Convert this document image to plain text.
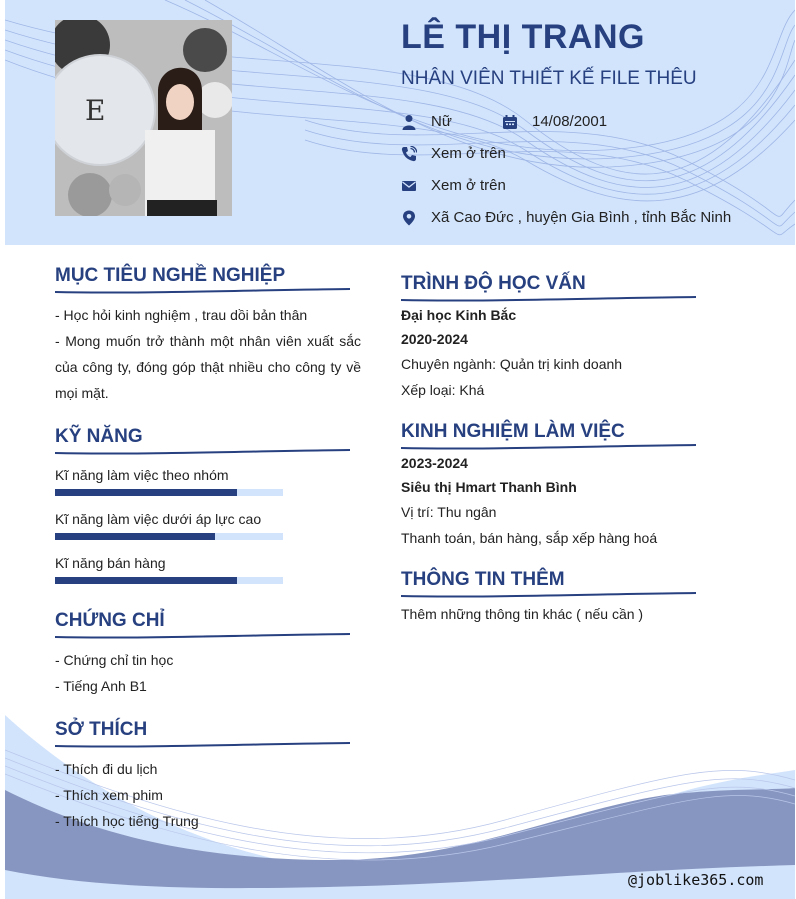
E
LÊ THỊ TRANG
NHÂN VIÊN THIẾT KẾ FILE THÊU
Nữ	14/08/2001
Xem ở trên
Xem ở trên
Xã Cao Đức , huyện Gia Bình , tỉnh Bắc Ninh
MỤC TIÊU NGHỀ NGHIỆP
- Học hỏi kinh nghiệm , trau dồi bản thân
- Mong muốn trở thành một nhân viên xuất sắc của công ty, đóng góp thật nhiều cho công ty về mọi mặt.
KỸ NĂNG
Kĩ năng làm việc theo nhóm
Kĩ năng làm việc dưới áp lực cao
Kĩ năng bán hàng
CHỨNG CHỈ
- Chứng chỉ tin học
- Tiếng Anh B1
SỞ THÍCH
- Thích đi du lịch
- Thích xem phim
- Thích học tiếng Trung
TRÌNH ĐỘ HỌC VẤN
Đại học Kinh Bắc
2020-2024
Chuyên ngành: Quản trị kinh doanh
Xếp loại: Khá
KINH NGHIỆM LÀM VIỆC
2023-2024
Siêu thị Hmart Thanh Bình
Vị trí: Thu ngân
Thanh toán, bán hàng, sắp xếp hàng hoá
THÔNG TIN THÊM
Thêm những thông tin khác ( nếu cần )
@joblike365.com
